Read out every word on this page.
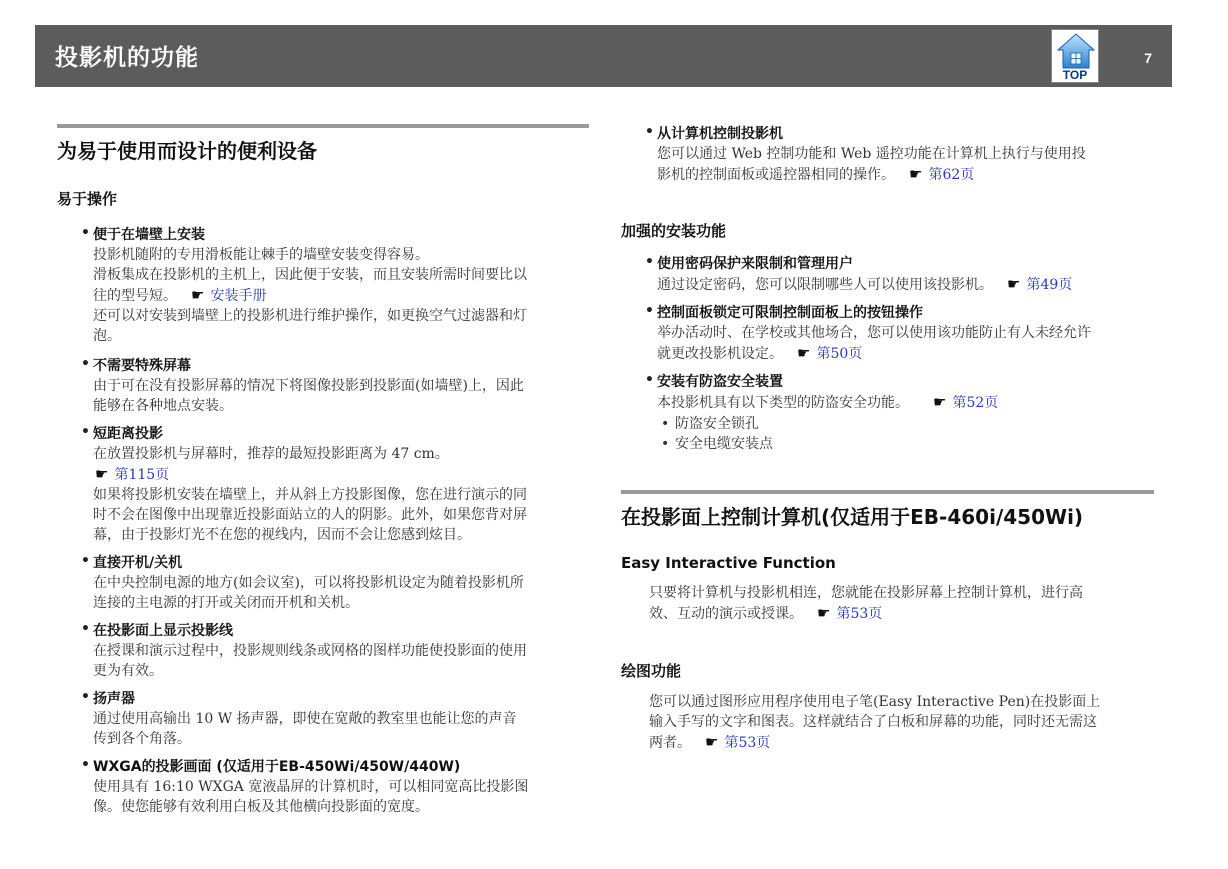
投影机的功能
TOP
7
为易于使用而设计的便利设备
易于操作
• 便于在墙壁上安装
投影机随附的专用滑板能让棘手的墙壁安装变得容易。
滑板集成在投影机的主机上，因此便于安装，而且安装所需时间要比以
往的型号短。 ☛ 安装手册
还可以对安装到墙壁上的投影机进行维护操作，如更换空气过滤器和灯
泡。
• 不需要特殊屏幕
由于可在没有投影屏幕的情况下将图像投影到投影面(如墙壁)上，因此
能够在各种地点安装。
• 短距离投影
在放置投影机与屏幕时，推荐的最短投影距离为 47 cm。
☛ 第115页
如果将投影机安装在墙壁上，并从斜上方投影图像，您在进行演示的同
时不会在图像中出现靠近投影面站立的人的阴影。此外，如果您背对屏
幕，由于投影灯光不在您的视线内，因而不会让您感到炫目。
• 直接开机/关机
在中央控制电源的地方(如会议室)，可以将投影机设定为随着投影机所
连接的主电源的打开或关闭而开机和关机。
• 在投影面上显示投影线
在授课和演示过程中，投影规则线条或网格的图样功能使投影面的使用
更为有效。
• 扬声器
通过使用高输出 10 W 扬声器，即使在宽敞的教室里也能让您的声音
传到各个角落。
• WXGA的投影画面 (仅适用于EB-450Wi/450W/440W)
使用具有 16:10 WXGA 宽液晶屏的计算机时，可以相同宽高比投影图
像。使您能够有效利用白板及其他横向投影面的宽度。
• 从计算机控制投影机
您可以通过 Web 控制功能和 Web 遥控功能在计算机上执行与使用投
影机的控制面板或遥控器相同的操作。 ☛ 第62页
加强的安装功能
• 使用密码保护来限制和管理用户
通过设定密码，您可以限制哪些人可以使用该投影机。 ☛ 第49页
• 控制面板锁定可限制控制面板上的按钮操作
举办活动时、在学校或其他场合，您可以使用该功能防止有人未经允许
就更改投影机设定。 ☛ 第50页
• 安装有防盗安全装置
本投影机具有以下类型的防盗安全功能。 ☛ 第52页
• 防盗安全锁孔
• 安全电缆安装点
在投影面上控制计算机(仅适用于EB-460i/450Wi)
Easy Interactive Function
只要将计算机与投影机相连，您就能在投影屏幕上控制计算机，进行高
效、互动的演示或授课。 ☛ 第53页
绘图功能
您可以通过图形应用程序使用电子笔(Easy Interactive Pen)在投影面上
输入手写的文字和图表。这样就结合了白板和屏幕的功能，同时还无需这
两者。 ☛ 第53页
